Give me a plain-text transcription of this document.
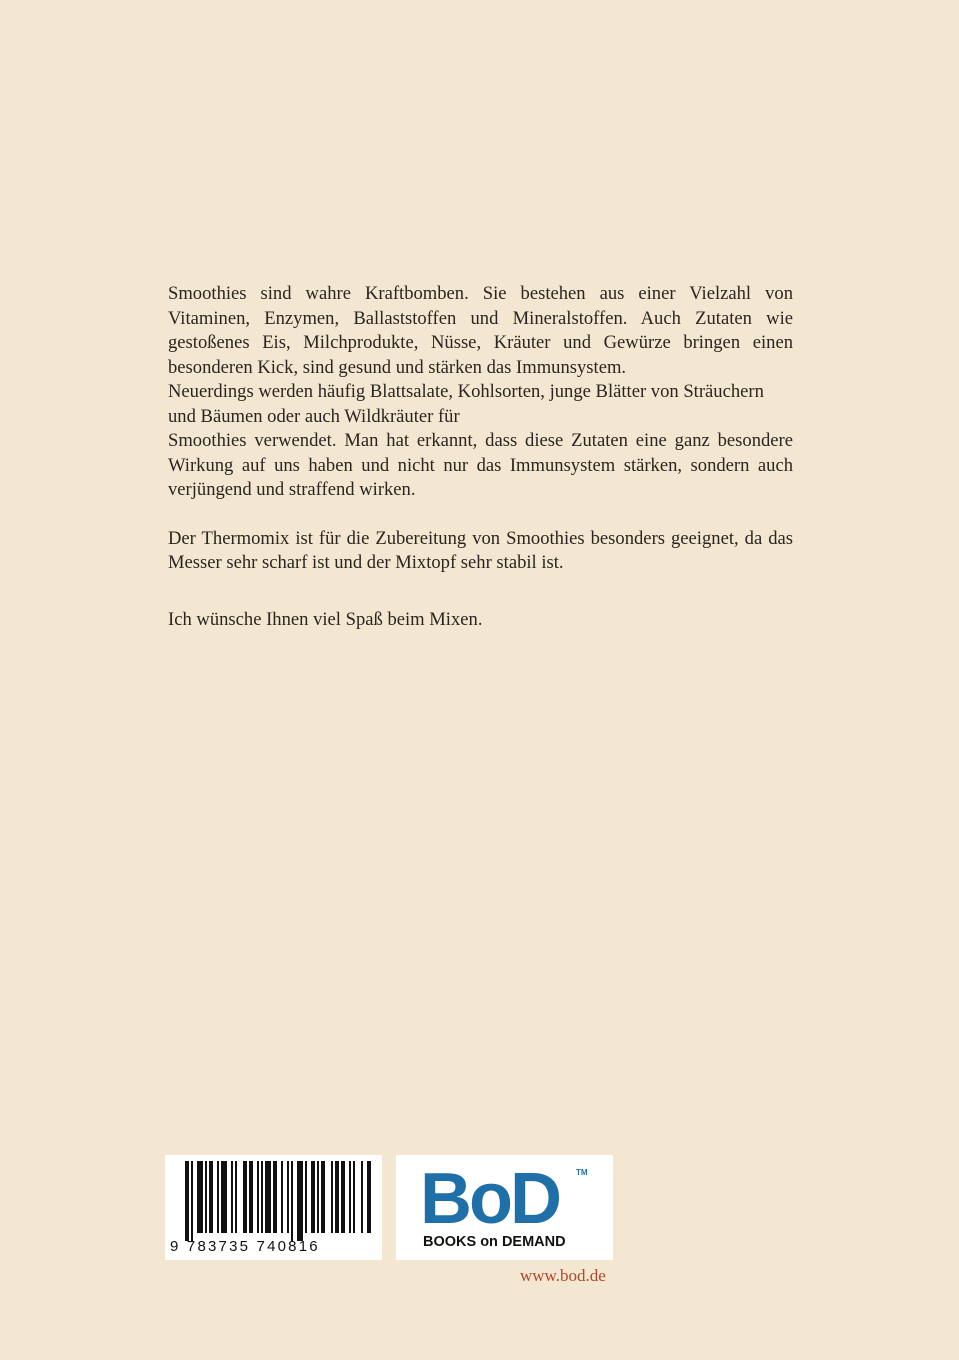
Smoothies sind wahre Kraftbomben. Sie bestehen aus einer Vielzahl von Vitaminen, Enzymen, Ballaststoffen und Mineralstoffen. Auch Zutaten wie gestoßenes Eis, Milchprodukte, Nüsse, Kräuter und Gewürze bringen einen besonderen Kick, sind gesund und stärken das Immunsystem.

Neuerdings werden häufig Blattsalate, Kohlsorten, junge Blätter von Sträuchern und Bäumen oder auch Wildkräuter für

Smoothies verwendet. Man hat erkannt, dass diese Zutaten eine ganz besondere Wirkung auf uns haben und nicht nur das Immunsystem stärken, sondern auch verjüngend und straffend wirken.

Der Thermomix ist für die Zubereitung von Smoothies besonders geeignet, da das Messer sehr scharf ist und der Mixtopf sehr stabil ist.

Ich wünsche Ihnen viel Spaß beim Mixen.

9 783735 740816
BoD TM
BOOKS on DEMAND
www.bod.de
